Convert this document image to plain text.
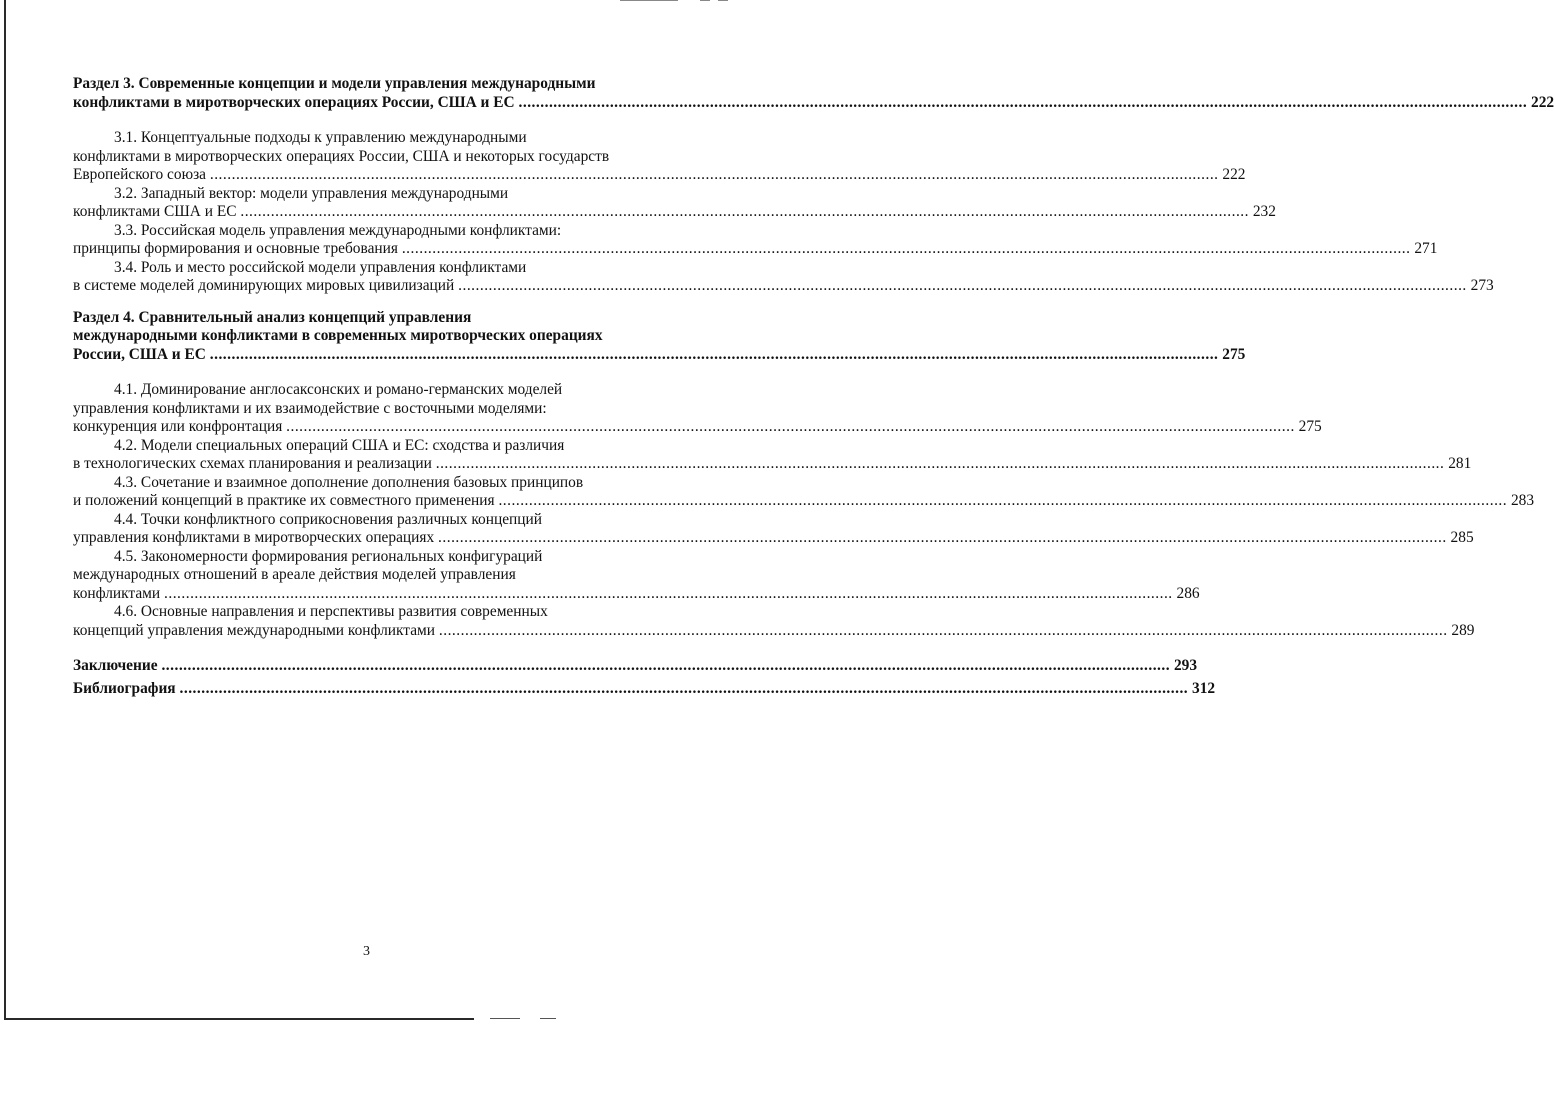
Раздел 3. Современные концепции и модели управления международными
конфликтами в миротворческих операциях России, США и ЕС .....	222
3.1. Концептуальные подходы к управлению международными
конфликтами в миротворческих операциях России, США и некоторых государств
Европейского союза .....	222
3.2. Западный вектор: модели управления международными
конфликтами США и ЕС .....	232
3.3. Российская модель управления международными конфликтами:
принципы формирования и основные требования .....	271
3.4. Роль и место российской модели управления конфликтами
в системе моделей доминирующих мировых цивилизаций .....	273
Раздел 4. Сравнительный анализ концепций управления
международными конфликтами в современных миротворческих операциях
России, США и ЕС .....	275
4.1. Доминирование англосаксонских и романо-германских моделей
управления конфликтами и их взаимодействие с восточными моделями:
конкуренция или конфронтация .....	275
4.2. Модели специальных операций США и ЕС: сходства и различия
в технологических схемах планирования и реализации .....	281
4.3. Сочетание и взаимное дополнение дополнения базовых принципов
и положений концепций в практике их совместного применения .....	283
4.4. Точки конфликтного соприкосновения различных концепций
управления конфликтами в миротворческих операциях .....	285
4.5. Закономерности формирования региональных конфигураций
международных отношений в ареале действия моделей управления
конфликтами .....	286
4.6. Основные направления и перспективы развития современных
концепций управления международными конфликтами .....	289
Заключение .....	293
Библиография .....	312
3
